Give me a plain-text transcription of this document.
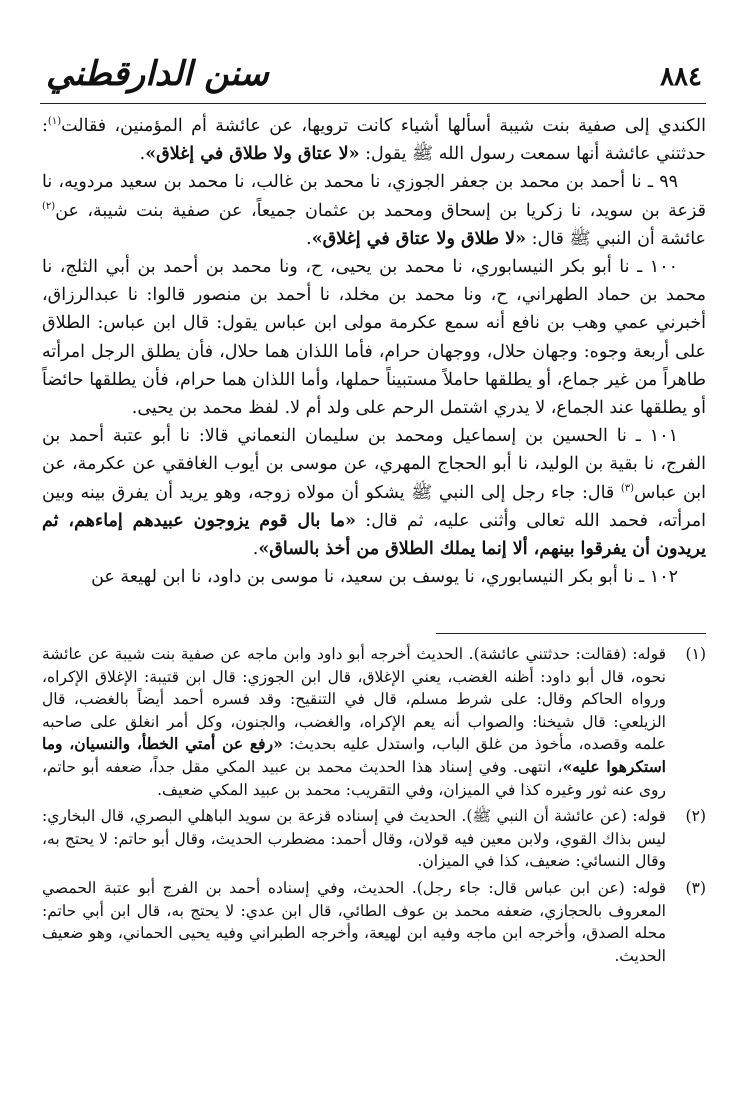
٨٨٤
سنن الدارقطني

الكندي إلى صفية بنت شيبة أسألها أشياء كانت ترويها، عن عائشة أم المؤمنين، فقالت$^{(١)}$: حدثتني عائشة أنها سمعت رسول الله ﷺ يقول: «لا عتاق ولا طلاق في إغلاق».

٩٩ ـ نا أحمد بن محمد بن جعفر الجوزي، نا محمد بن غالب، نا محمد بن سعيد مردويه، نا قزعة بن سويد، نا زكريا بن إسحاق ومحمد بن عثمان جميعاً، عن صفية بنت شيبة، عن$^{(٢)}$ عائشة أن النبي ﷺ قال: «لا طلاق ولا عتاق في إغلاق».

١٠٠ ـ نا أبو بكر النيسابوري، نا محمد بن يحيى، ح، ونا محمد بن أحمد بن أبي الثلج، نا محمد بن حماد الطهراني، ح، ونا محمد بن مخلد، نا أحمد بن منصور قالوا: نا عبدالرزاق، أخبرني عمي وهب بن نافع أنه سمع عكرمة مولى ابن عباس يقول: قال ابن عباس: الطلاق على أربعة وجوه: وجهان حلال، ووجهان حرام، فأما اللذان هما حلال، فأن يطلق الرجل امرأته طاهراً من غير جماع، أو يطلقها حاملاً مستبيناً حملها، وأما اللذان هما حرام، فأن يطلقها حائضاً أو يطلقها عند الجماع، لا يدري اشتمل الرحم على ولد أم لا. لفظ محمد بن يحيى.

١٠١ ـ نا الحسين بن إسماعيل ومحمد بن سليمان النعماني قالا: نا أبو عتبة أحمد بن الفرج، نا بقية بن الوليد، نا أبو الحجاج المهري، عن موسى بن أيوب الغافقي عن عكرمة، عن ابن عباس$^{(٣)}$ قال: جاء رجل إلى النبي ﷺ يشكو أن مولاه زوجه، وهو يريد أن يفرق بينه وبين امرأته، فحمد الله تعالى وأثنى عليه، ثم قال: «ما بال قوم يزوجون عبيدهم إماءهم، ثم يريدون أن يفرقوا بينهم، ألا إنما يملك الطلاق من أخذ بالساق».

١٠٢ ـ نا أبو بكر النيسابوري، نا يوسف بن سعيد، نا موسى بن داود، نا ابن لهيعة عن

(١)
قوله: (فقالت: حدثتني عائشة). الحديث أخرجه أبو داود وابن ماجه عن صفية بنت شيبة عن عائشة نحوه، قال أبو داود: أظنه الغضب، يعني الإغلاق، قال ابن الجوزي: قال ابن قتيبة: الإغلاق الإكراه، ورواه الحاكم وقال: على شرط مسلم، قال في التنقيح: وقد فسره أحمد أيضاً بالغضب، قال الزيلعي: قال شيخنا: والصواب أنه يعم الإكراه، والغضب، والجنون، وكل أمر انغلق على صاحبه علمه وقصده، مأخوذ من غلق الباب، واستدل عليه بحديث: «رفع عن أمتي الخطأ، والنسيان، وما استكرهوا عليه»، انتهى. وفي إسناد هذا الحديث محمد بن عبيد المكي مقل جداً، ضعفه أبو حاتم، روى عنه ثور وغيره كذا في الميزان، وفي التقريب: محمد بن عبيد المكي ضعيف.
(٢)
قوله: (عن عائشة أن النبي ﷺ). الحديث في إسناده قزعة بن سويد الباهلي البصري، قال البخاري: ليس بذاك القوي، ولابن معين فيه قولان، وقال أحمد: مضطرب الحديث، وقال أبو حاتم: لا يحتج به، وقال النسائي: ضعيف، كذا في الميزان.
(٣)
قوله: (عن ابن عباس قال: جاء رجل). الحديث، وفي إسناده أحمد بن الفرج أبو عتبة الحمصي المعروف بالحجازي، ضعفه محمد بن عوف الطائي، قال ابن عدي: لا يحتج به، قال ابن أبي حاتم: محله الصدق، وأخرجه ابن ماجه وفيه ابن لهيعة، وأخرجه الطبراني وفيه يحيى الحماني، وهو ضعيف الحديث.
